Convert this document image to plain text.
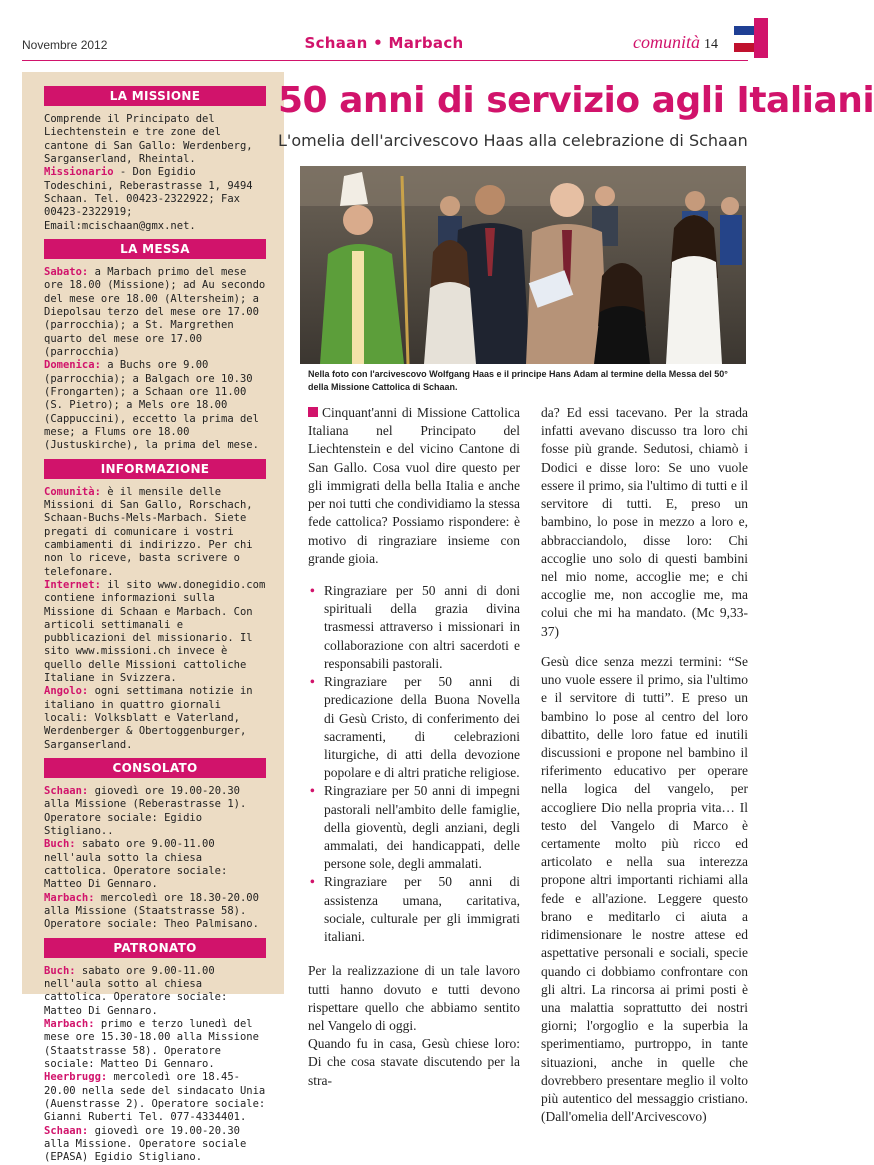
Novembre 2012	Schaan • Marbach	comunità 14
LA MISSIONE

Comprende il Principato del Liechtenstein e tre zone del cantone di San Gallo: Werdenberg, Sarganserland, Rheintal.

Missionario - Don Egidio Todeschini, Reberastrasse 1, 9494 Schaan. Tel. 00423-2322922; Fax 00423-2322919; Email:mcischaan@gmx.net.

LA MESSA

Sabato: a Marbach primo del mese ore 18.00 (Missione); ad Au secondo del mese ore 18.00 (Altersheim); a Diepolsau terzo del mese ore 17.00 (parrocchia); a St. Margrethen quarto del mese ore 17.00 (parrocchia)

Domenica: a Buchs ore 9.00 (parrocchia); a Balgach ore 10.30 (Frongarten); a Schaan ore 11.00 (S. Pietro); a Mels ore 18.00 (Cappuccini), eccetto la prima del mese; a Flums ore 18.00 (Justuskirche), la prima del mese.

INFORMAZIONE

Comunità: è il mensile delle Missioni di San Gallo, Rorschach, Schaan-Buchs-Mels-Marbach. Siete pregati di comunicare i vostri cambiamenti di indirizzo. Per chi non lo riceve, basta scrivere o telefonare.

Internet: il sito www.donegidio.com contiene informazioni sulla Missione di Schaan e Marbach. Con articoli settimanali e pubblicazioni del missionario. Il sito www.missioni.ch invece è quello delle Missioni cattoliche Italiane in Svizzera.

Angolo: ogni settimana notizie in italiano in quattro giornali locali: Volksblatt e Vaterland, Werdenberger & Obertoggenburger, Sarganserland.

CONSOLATO

Schaan: giovedì ore 19.00-20.30 alla Missione (Reberastrasse 1). Operatore sociale: Egidio Stigliano..

Buch: sabato ore 9.00-11.00 nell'aula sotto la chiesa cattolica. Operatore sociale: Matteo Di Gennaro.

Marbach: mercoledì ore 18.30-20.00 alla Missione (Staatstrasse 58). Operatore sociale: Theo Palmisano.

PATRONATO

Buch: sabato ore 9.00-11.00 nell'aula sotto al chiesa cattolica. Operatore sociale: Matteo Di Gennaro.

Marbach: primo e terzo lunedì del mese ore 15.30-18.00 alla Missione (Staatstrasse 58). Operatore sociale: Matteo Di Gennaro.

Heerbrugg: mercoledì ore 18.45-20.00 nella sede del sindacato Unia (Auenstrasse 2). Operatore sociale: Gianni Ruberti Tel. 077-4334401.

Schaan: giovedì ore 19.00-20.30 alla Missione. Operatore sociale (EPASA) Egidio Stigliano.

50 anni di servizio agli Italiani
L'omelia dell'arcivescovo Haas alla celebrazione di Schaan

Nella foto con l'arcivescovo Wolfgang Haas e il principe Hans Adam al termine della Messa del 50° della Missione Cattolica di Schaan.

Cinquant'anni di Missione Cattolica Italiana nel Principato del Liechtenstein e del vicino Cantone di San Gallo. Cosa vuol dire questo per gli immigrati della bella Italia e anche per noi tutti che condividiamo la stessa fede cattolica? Possiamo rispondere: è motivo di ringraziare insieme con grande gioia.

• Ringraziare per 50 anni di doni spirituali della grazia divina trasmessi attraverso i missionari in collaborazione con altri sacerdoti e responsabili pastorali.
• Ringraziare per 50 anni di predicazione della Buona Novella di Gesù Cristo, di conferimento dei sacramenti, di celebrazioni liturgiche, di atti della devozione popolare e di altri pratiche religiose.
• Ringraziare per 50 anni di impegni pastorali nell'ambito delle famiglie, della gioventù, degli anziani, degli ammalati, dei handicappati, delle persone sole, degli ammalati.
• Ringraziare per 50 anni di assistenza umana, caritativa, sociale, culturale per gli immigrati italiani.

Per la realizzazione di un tale lavoro tutti hanno dovuto e tutti devono rispettare quello che abbiamo sentito nel Vangelo di oggi.
Quando fu in casa, Gesù chiese loro: Di che cosa stavate discutendo per la stra-

da? Ed essi tacevano. Per la strada infatti avevano discusso tra loro chi fosse più grande. Sedutosi, chiamò i Dodici e disse loro: Se uno vuole essere il primo, sia l'ultimo di tutti e il servitore di tutti. E, preso un bambino, lo pose in mezzo a loro e, abbracciandolo, disse loro: Chi accoglie uno solo di questi bambini nel mio nome, accoglie me; e chi accoglie me, non accoglie me, ma colui che mi ha mandato. (Mc 9,33-37)

Gesù dice senza mezzi termini: “Se uno vuole essere il primo, sia l'ultimo e il servitore di tutti”. E preso un bambino lo pose al centro del loro dibattito, delle loro fatue ed inutili discussioni e propone nel bambino il riferimento educativo per operare nella logica del vangelo, per accogliere Dio nella propria vita… Il testo del Vangelo di Marco è certamente molto più ricco ed articolato e nella sua interezza propone altri importanti richiami alla fede e all'azione. Leggere questo brano e meditarlo ci aiuta a ridimensionare le nostre attese ed aspettative personali e sociali, specie quando ci dobbiamo confrontare con gli altri. La rincorsa ai primi posti è una malattia soprattutto dei nostri giorni; l'orgoglio e la superbia la sperimentiamo, purtroppo, in tante situazioni, anche in quelle che dovrebbero presentare meglio il volto più autentico del messaggio cristiano. (Dall'omelia dell'Arcivescovo)
